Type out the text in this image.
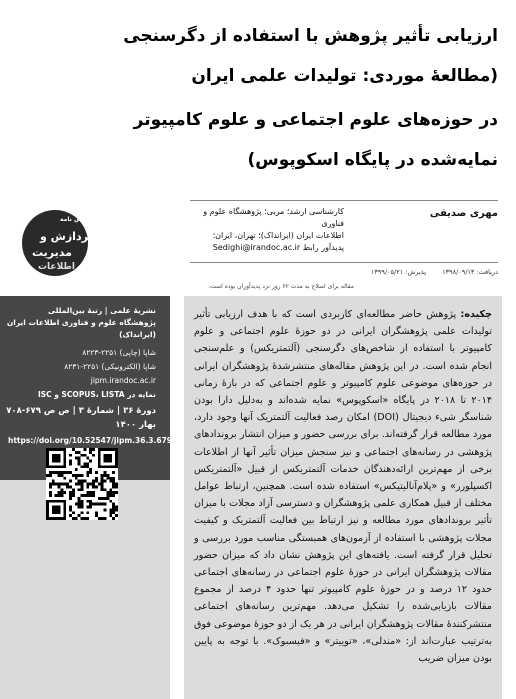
ارزیابی تأثیر پژوهش با استفاده از دگرسنجی
(مطالعۀ موردی: تولیدات علمی ایران
در حوزه‌های علوم اجتماعی و علوم کامپیوتر
نمایه‌شده در پایگاه اسکوپوس)
مهری صدیقی
کارشناسی ارشد؛ مربی؛ پژوهشگاه علوم و فناوری
اطلاعات ایران (ایرانداک)؛ تهران، ایران؛
پدیدآور رابط Sedighi@irandoc.ac.ir
پژوهش نامه
پردازش و
مدیریت
اطلاعات	دریافت: ۱۳۹۸/۰۹/۱۳ پذیرش: ۱۳۹۹/۰۵/۲۱
مقاله برای اصلاح به مدت ۶۲ روز نزد پدیدآوران بوده است.
نشریۀ علمی | رتبۀ بین‌المللی
پژوهشگاه علوم و فناوری اطلاعات ایران
(ایرانداک)
شاپا (چاپی) ۲۲۵۱-۸۲۲۳
شاپا (الکترونیکی) ۲۲۵۱-۸۲۳۱
jipm.irandoc.ac.ir
نمایه در SCOPUS، LISTA و ISC
دورۀ ۳۶ | شمارۀ ۳ | ص ص ۶۷۹-۷۰۸
بهار ۱۴۰۰
https://doi.org/10.52547/jipm.36.3.679

چکیده: پژوهش حاضر مطالعه‌ای کاربردی است که با هدف ارزیابی تأثیر تولیدات علمی پژوهشگران ایرانی در دو حوزۀ علوم اجتماعی و علوم کامپیوتر با استفاده از شاخص‌های دگرسنجی (آلتمتریکس) و علم‌سنجی انجام شده است. در این پژوهش مقاله‌های منتشرشدۀ پژوهشگران ایرانی در حوزه‌های موضوعی علوم کامپیوتر و علوم اجتماعی که در بازۀ زمانی ۲۰۱۴ تا ۲۰۱۸ در پایگاه «اسکوپوس» نمایه شده‌اند و به‌دلیل دارا بودن شناسگر شیء دیجیتال (DOI) امکان رصد فعالیت آلتمتریک آنها وجود دارد، مورد مطالعه قرار گرفته‌اند. برای بررسی حضور و میزان انتشار بروندادهای پژوهشی در رسانه‌های اجتماعی و نیز سنجش میزان تأثیر آنها از اطلاعات برخی از مهم‌ترین ارائه‌دهندگان خدمات آلتمتریکس از قبیل «آلتمتریکس اکسپلورر» و «پلام‌آنالیتیکس» استفاده شده است. همچنین، ارتباط عوامل مختلف از قبیل همکاری علمی پژوهشگران و دسترسی آزاد مجلات با میزان تأثیر بروندادهای مورد مطالعه و نیز ارتباط بین فعالیت آلتمتریک و کیفیت مجلات پژوهشی با استفاده از آزمون‌های همبستگی مناسب مورد بررسی و تحلیل قرار گرفته است. یافته‌های این پژوهش نشان داد که میزان حضور مقالات پژوهشگران ایرانی در حوزۀ علوم اجتماعی در رسانه‌های اجتماعی حدود ۱۲ درصد و در حوزۀ علوم کامپیوتر تنها حدود ۴ درصد از مجموع مقالات بازیابی‌شده را تشکیل می‌دهد. مهم‌ترین رسانه‌های اجتماعی منتشرکنندۀ مقالات پژوهشگران ایرانی در هر یک از دو حوزۀ موضوعی فوق به‌ترتیب عبارت‌اند از: «مندلی»، «توییتر» و «فیسبوک». با توجه به پایین بودن میزان ضریب
